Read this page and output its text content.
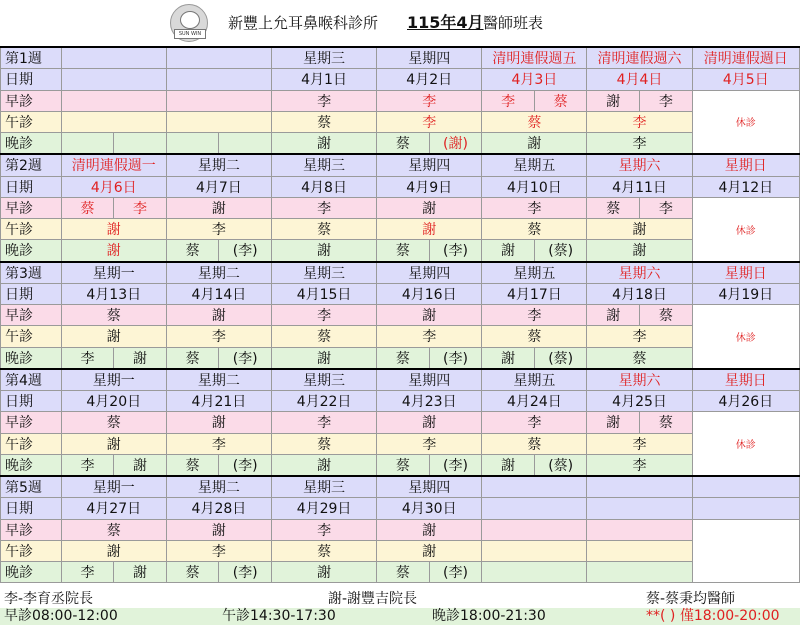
SUN WIN
新豐上允耳鼻喉科診所 115年4月 醫師班表
第1週					星期三	星期四		清明連假週五		清明連假週六		清明連假週日
日期					4月1日	4月2日		4月3日		4月4日		4月5日
早診					李	李		李	蔡	謝	李	休診
午診					蔡	李		蔡		李		
晚診					謝	蔡	(謝)	謝		李		
第2週	清明連假週一		星期二		星期三	星期四		星期五		星期六		星期日
日期	4月6日		4月7日		4月8日	4月9日		4月10日		4月11日		4月12日
早診	蔡	李	謝		李	謝		李		蔡	李	休診
午診	謝		李		蔡	謝		蔡		謝		
晚診	謝		蔡	(李)	謝	蔡	(李)	謝	(蔡)	謝		
第3週	星期一		星期二		星期三	星期四		星期五		星期六		星期日
日期	4月13日		4月14日		4月15日	4月16日		4月17日		4月18日		4月19日
早診	蔡		謝		李	謝		李		謝	蔡	休診
午診	謝		李		蔡	李		蔡		李		
晚診	李	謝	蔡	(李)	謝	蔡	(李)	謝	(蔡)	蔡		
第4週	星期一		星期二		星期三	星期四		星期五		星期六		星期日
日期	4月20日		4月21日		4月22日	4月23日		4月24日		4月25日		4月26日
早診	蔡		謝		李	謝		李		謝	蔡	休診
午診	謝		李		蔡	李		蔡		李		
晚診	李	謝	蔡	(李)	謝	蔡	(李)	謝	(蔡)	李		
第5週	星期一		星期二		星期三	星期四						
日期	4月27日		4月28日		4月29日	4月30日						
早診	蔡		謝		李	謝						
午診	謝		李		蔡	謝						
晚診	李	謝	蔡	(李)	謝	蔡	(李)					
李-李育丞院長	謝-謝豐吉院長	蔡-蔡秉均醫師
早診08:00-12:00	午診14:30-17:30	晚診18:00-21:30	**( ) 僅18:00-20:00
